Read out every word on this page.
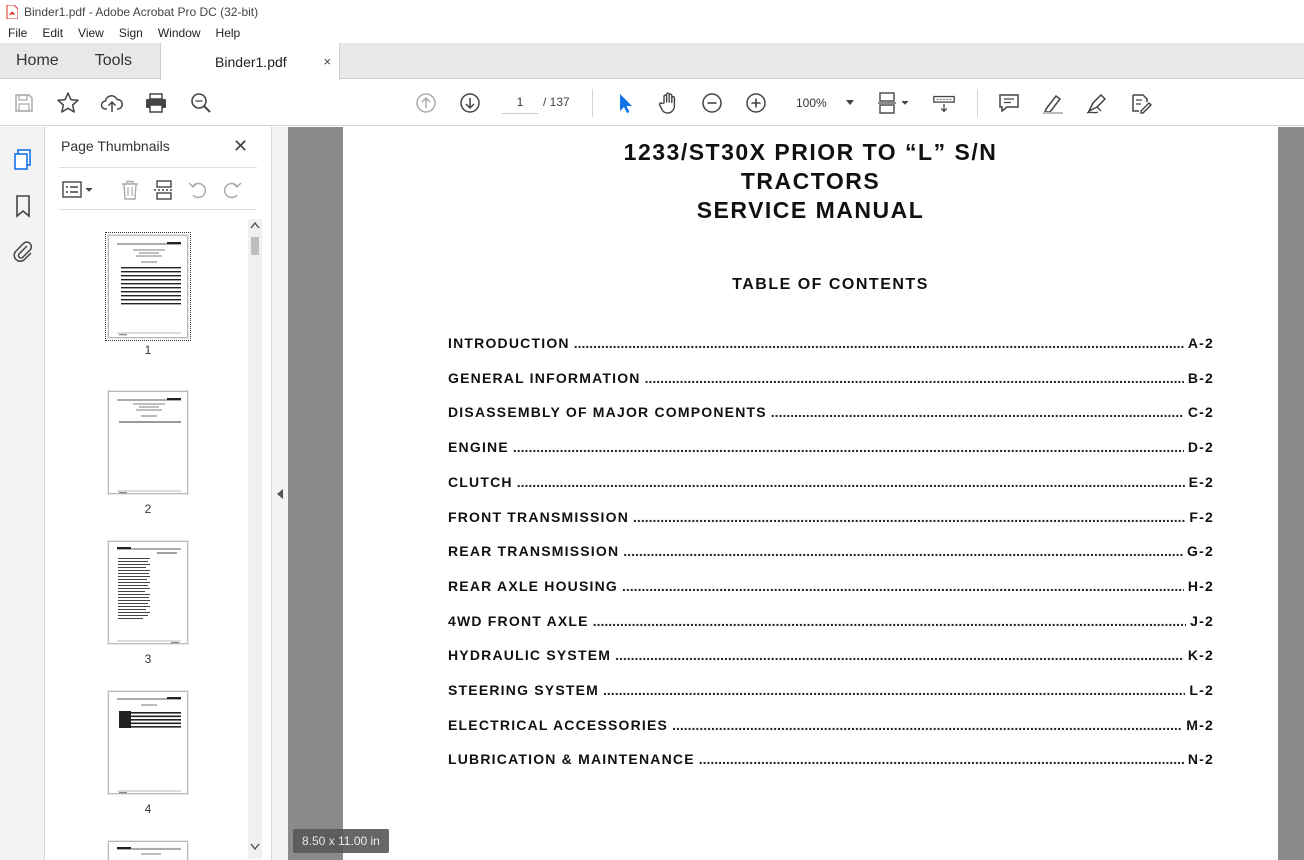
Binder1.pdf - Adobe Acrobat Pro DC (32-bit)
File	Edit	View	Sign	Window	Help
Home	Tools	Binder1.pdf	×
1
/ 137	100%
Page Thumbnails	✕
1
2
3
4
1233/ST30X PRIOR TO “L” S/N
TRACTORS
SERVICE MANUAL
TABLE OF CONTENTS
INTRODUCTION .....	A-2
GENERAL INFORMATION .....	B-2
DISASSEMBLY OF MAJOR COMPONENTS .....	C-2
ENGINE .....	D-2
CLUTCH .....	E-2
FRONT TRANSMISSION .....	F-2
REAR TRANSMISSION .....	G-2
REAR AXLE HOUSING .....	H-2
4WD FRONT AXLE .....	J-2
HYDRAULIC SYSTEM .....	K-2
STEERING SYSTEM .....	L-2
ELECTRICAL ACCESSORIES .....	M-2
LUBRICATION & MAINTENANCE .....	N-2
8.50 x 11.00 in
